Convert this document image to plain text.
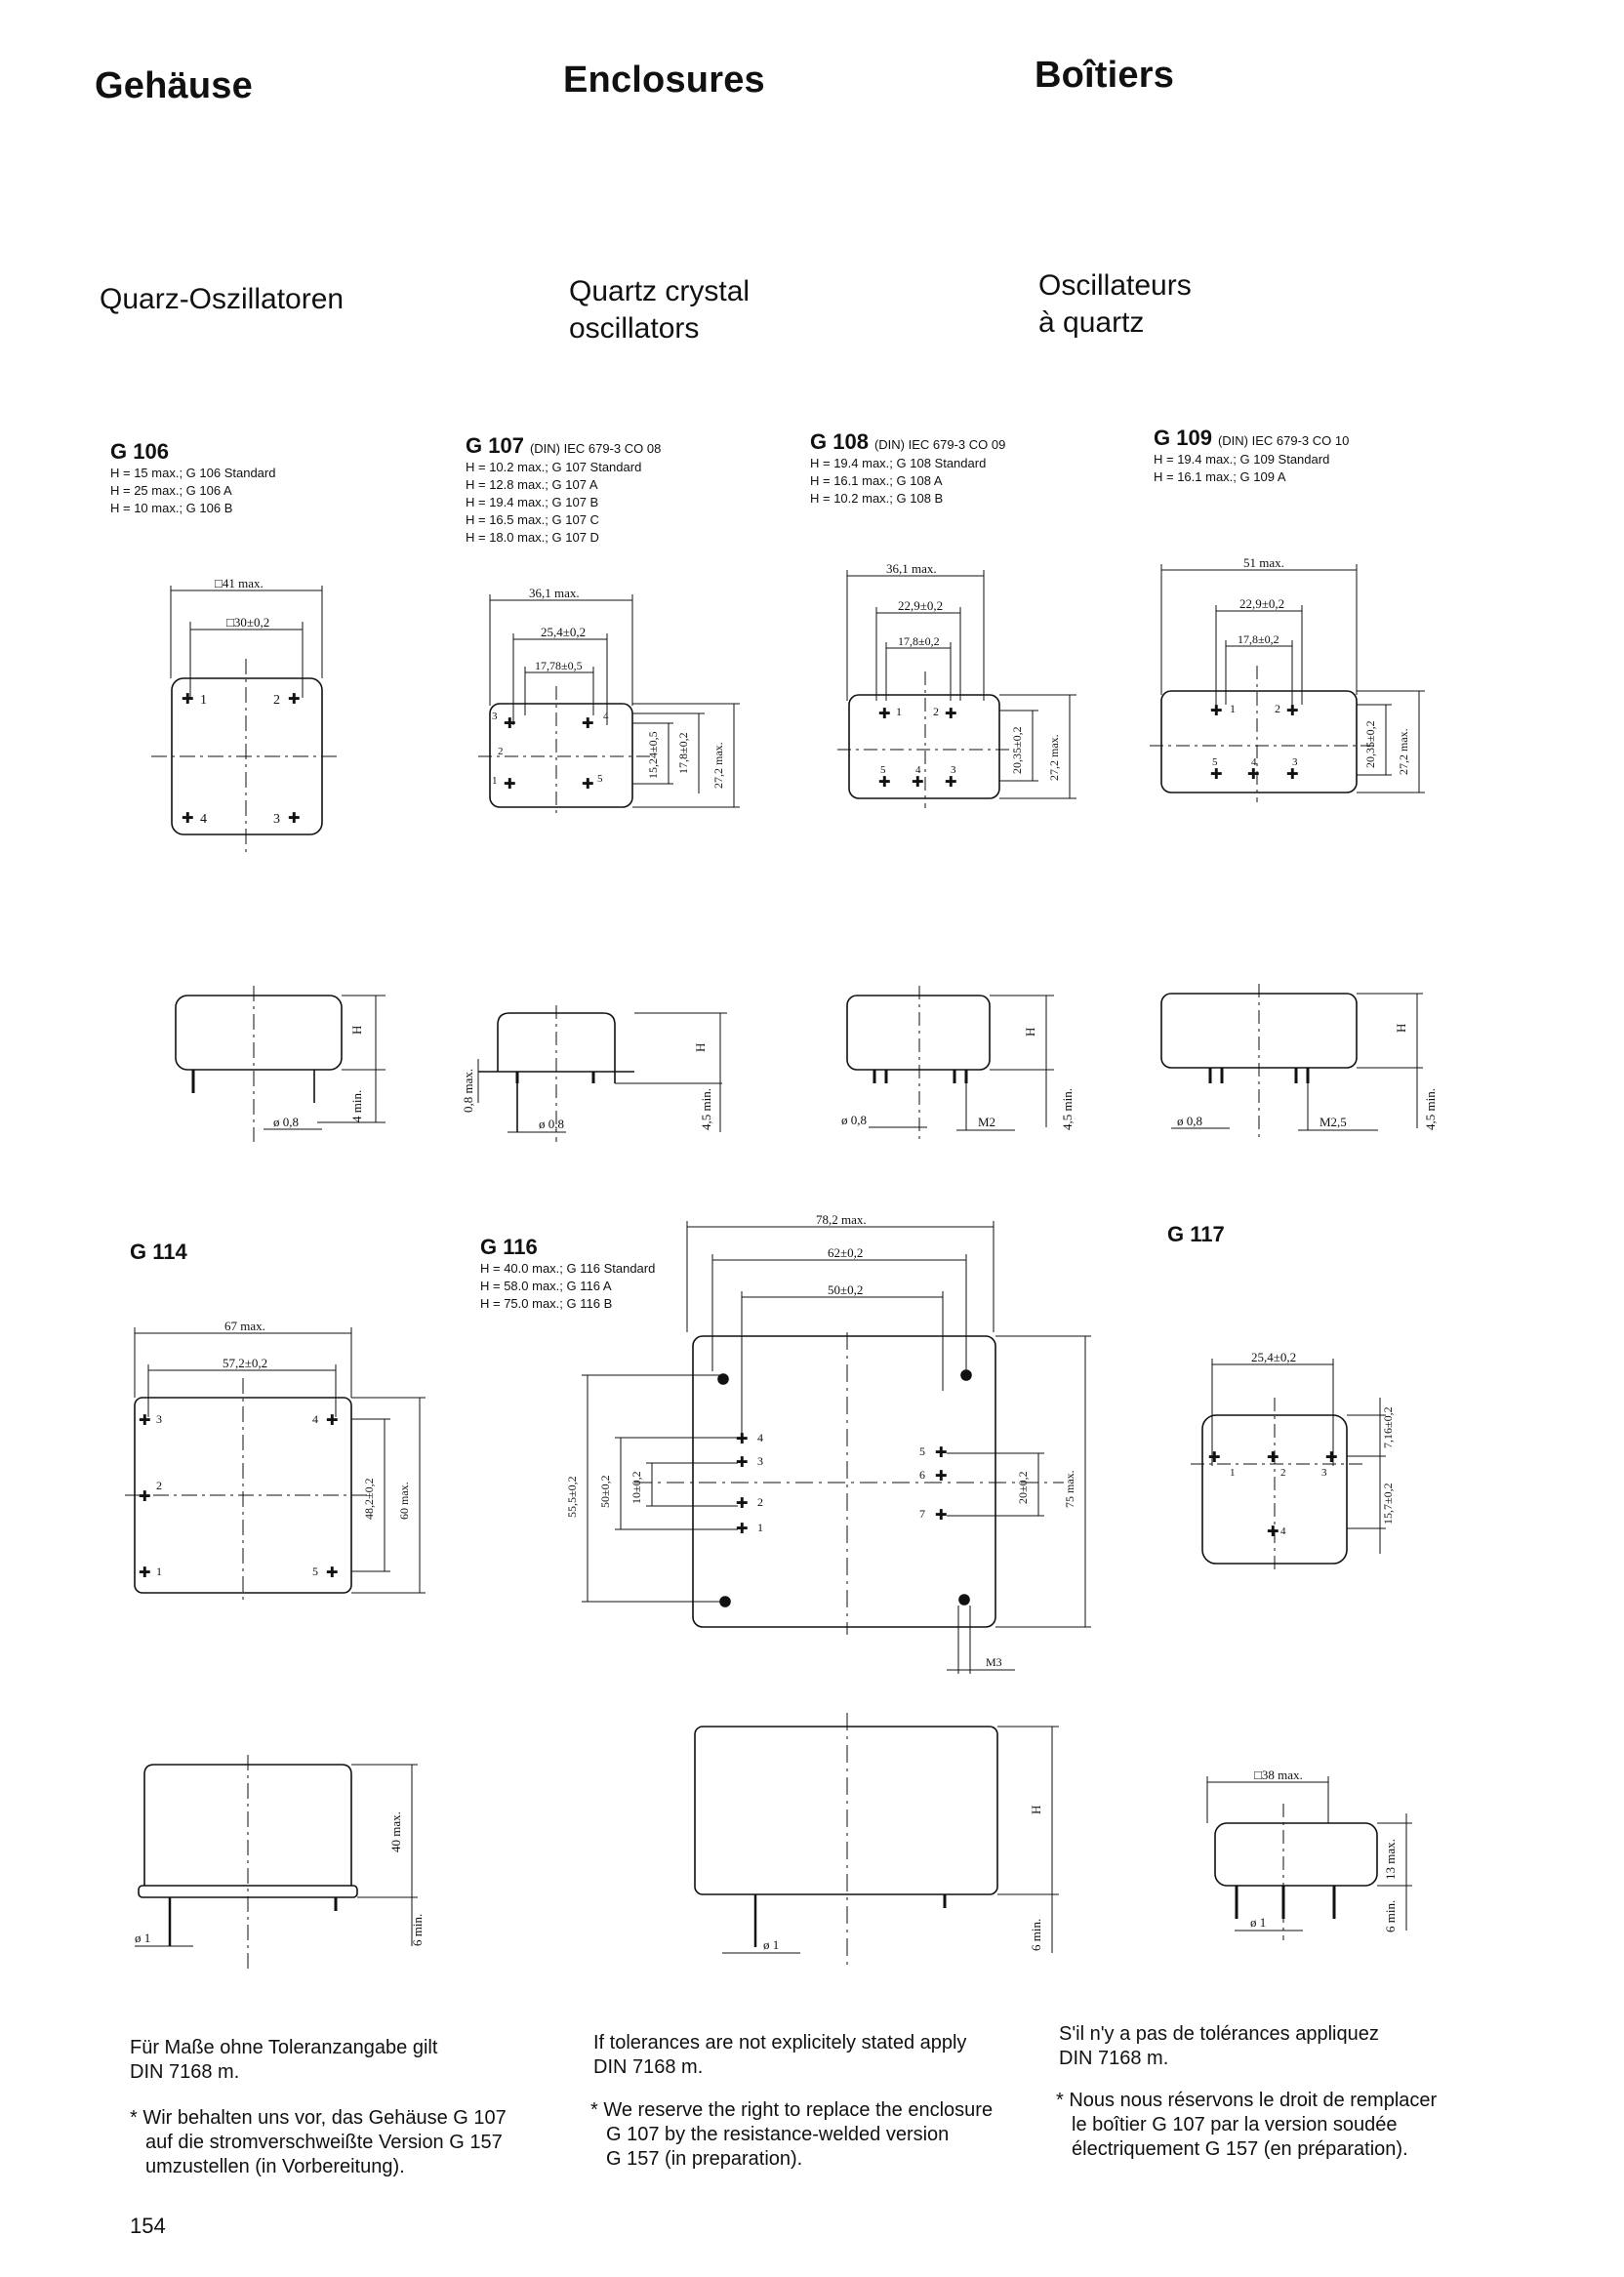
Gehäuse	Enclosures	Boîtiers
Quarz-Oszillatoren	Quartz crystal
oscillators
Oscillateurs
à quartz
G 106
H = 15 max.; G 106 Standard
H = 25 max.; G 106 A
H = 10 max.; G 106 B
G 107 (DIN) IEC 679-3 CO 08
H = 10.2 max.; G 107 Standard
H = 12.8 max.; G 107 A
H = 19.4 max.; G 107 B
H = 16.5 max.; G 107 C
H = 18.0 max.; G 107 D
G 108 (DIN) IEC 679-3 CO 09
H = 19.4 max.; G 108 Standard
H = 16.1 max.; G 108 A
H = 10.2 max.; G 108 B
G 109 (DIN) IEC 679-3 CO 10
H = 19.4 max.; G 109 Standard
H = 16.1 max.; G 109 A
G 114	G 116
H = 40.0 max.; G 116 Standard
H = 58.0 max.; G 116 A
H = 75.0 max.; G 116 B
G 117
□41 max.
□30±0,2
✚ 1	✚
2
✚ 4	✚
3
H
4 min.
ø 0,8
36,1 max.
25,4±0,2
17,78±0,5
✚
3	✚ 4
✚
1	✚ 5
2	15,24±0,5 17,8±0,2 27,2 max.
H
4,5 min.
0,8 max.
ø 0,8
36,1 max.
22,9±0,2
17,8±0,2
✚ 1	✚
2
✚
5
✚
4
✚
3	20,35±0,2 27,2 max.
H
4,5 min.
ø 0,8	M2
51 max.
22,9±0,2
17,8±0,2
✚ 1	✚
2
✚
5
✚
4
✚
3	20,35±0,2 27,2 max.
H
4,5 min.
ø 0,8	M2,5
67 max.
57,2±0,2
✚ 3	✚
4
✚
2
✚ 1	✚
5
48,2±0,2 60 max.
40 max.
6 min.
ø 1
78,2 max.
62±0,2
50±0,2
✚ 4
✚ 3
✚ 2
✚ 1
✚
5
✚
6
✚
7
55,5±0,2 50±0,2 10±0,2	20±0,2	75 max.
M3
H
6 min.
ø 1
25,4±0,2
✚
1
✚
2
✚
3
✚ 4
7,16±0,2
15,7±0,2
□38 max.
13 max.
6 min.
ø 1
Für Maße ohne Toleranzangabe gilt
DIN 7168 m.
If tolerances are not explicitely stated apply
DIN 7168 m.
S'il n'y a pas de tolérances appliquez
DIN 7168 m.
* Wir behalten uns vor, das Gehäuse G 107
auf die stromverschweißte Version G 157
umzustellen (in Vorbereitung).
* We reserve the right to replace the enclosure
G 107 by the resistance-welded version
G 157 (in preparation).
* Nous nous réservons le droit de remplacer
le boîtier G 107 par la version soudée
électriquement G 157 (en préparation).
154
